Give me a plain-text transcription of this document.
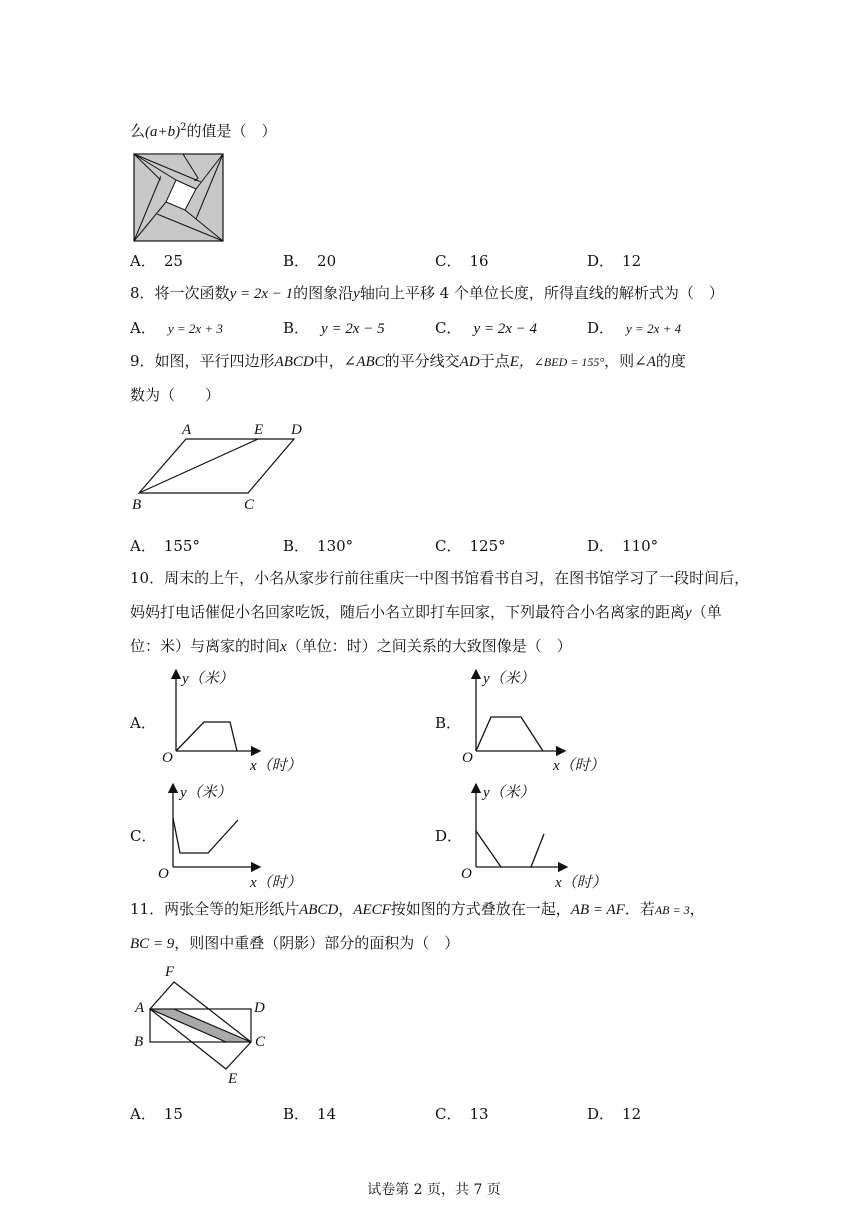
么$(a+b)^2$的值是（　）
A． 25	B． 20	C． 16	D． 12
8．将一次函数y = 2x − 1的图象沿y轴向上平移 4 个单位长度，所得直线的解析式为（　）
A． y = 2x + 3	B． y = 2x − 5	C． y = 2x − 4	D． y = 2x + 4
9．如图，平行四边形ABCD中，∠ABC的平分线交AD于点E，∠BED = 155°，则∠A的度
数为（　　）
A	E D
B	C
A． 155°	B． 130°	C． 125°	D． 110°
10．周末的上午，小名从家步行前往重庆一中图书馆看书自习，在图书馆学习了一段时间后，
妈妈打电话催促小名回家吃饭，随后小名立即打车回家，下列最符合小名离家的距离y（单
位：米）与离家的时间x（单位：时）之间关系的大致图像是（　）
A．
y（米）
O	x（时）
B．
y（米）
O	x（时）
C．
y（米）
O
x（时）
D．
y（米）
O
x（时）
11．两张全等的矩形纸片ABCD，AECF按如图的方式叠放在一起，AB = AF．若AB = 3，
BC = 9，则图中重叠（阴影）部分的面积为（　）
F
A	D
B	C
E
A． 15	B． 14	C． 13	D． 12
试卷第 2 页，共 7 页
